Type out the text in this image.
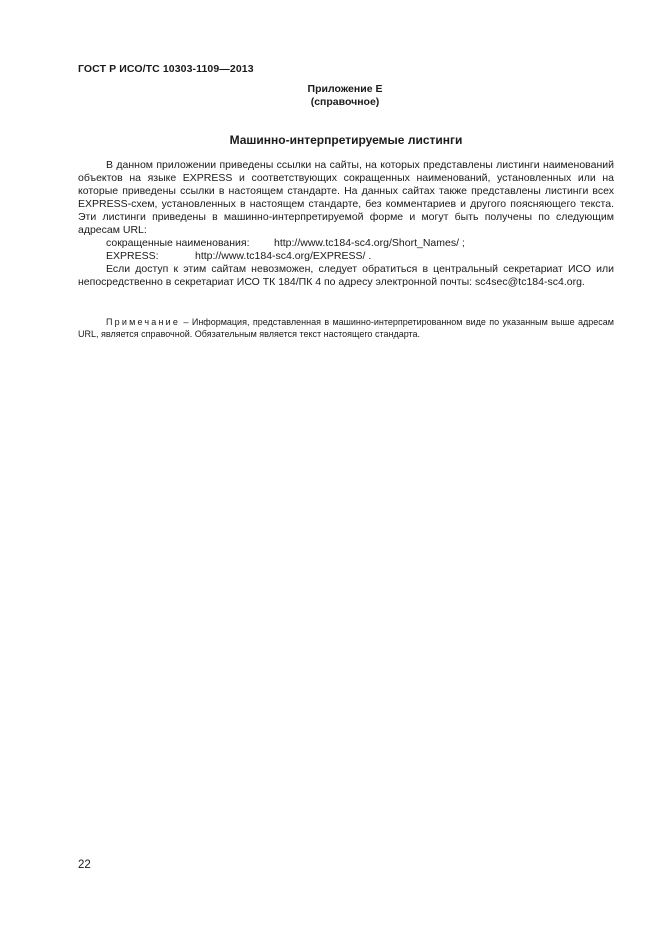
ГОСТ Р ИСО/ТС 10303-1109—2013
Приложение Е
(справочное)
Машинно-интерпретируемые листинги

В данном приложении приведены ссылки на сайты, на которых представлены листинги наименований объектов на языке EXPRESS и соответствующих сокращенных наименований, установленных или на которые приведены ссылки в настоящем стандарте. На данных сайтах также представлены листинги всех EXPRESS-схем, установленных в настоящем стандарте, без комментариев и другого поясняющего текста. Эти листинги приведены в машинно-интерпретируемой форме и могут быть получены по следующим адресам URL:

сокращенные наименования: http://www.tc184-sc4.org/Short_Names/ ;

EXPRESS:	http://www.tc184-sc4.org/EXPRESS/ .

Если доступ к этим сайтам невозможен, следует обратиться в центральный секретариат ИСО или непосредственно в секретариат ИСО ТК 184/ПК 4 по адресу электронной почты: sc4sec@tc184-sc4.org.

Примечание – Информация, представленная в машинно-интерпретированном виде по указанным выше адресам URL, является справочной. Обязательным является текст настоящего стандарта.

22
